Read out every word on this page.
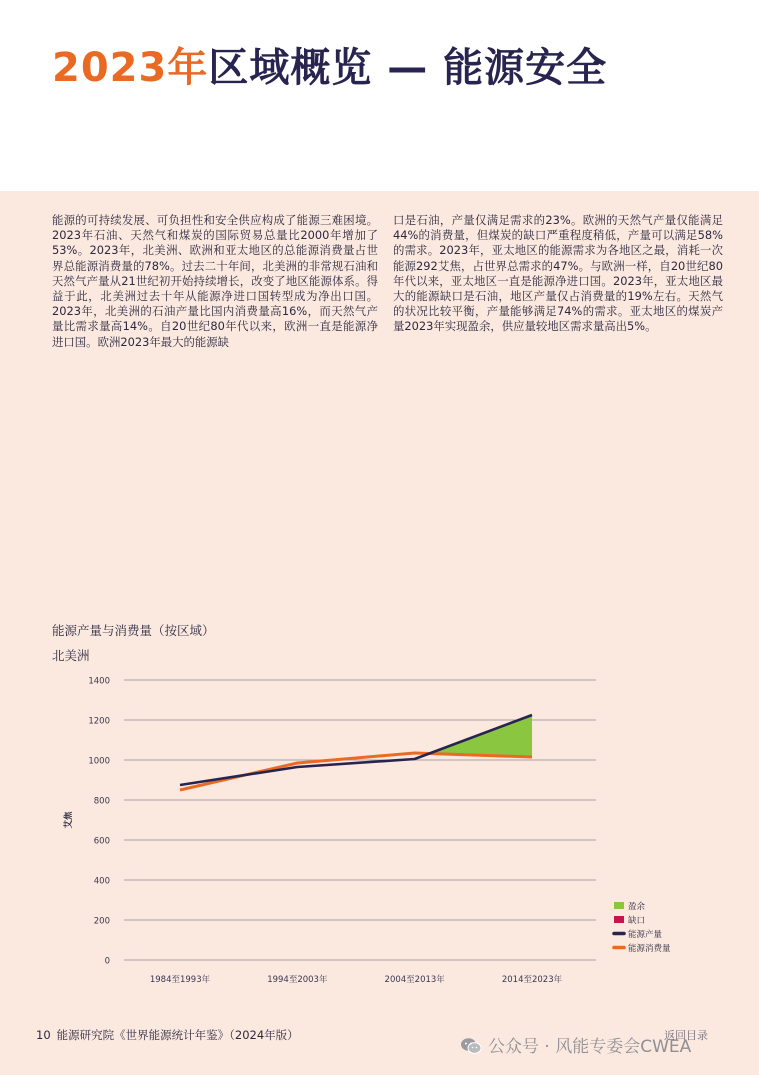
2023年区域概览 — 能源安全
能源的可持续发展、可负担性和安全供应构成了能源三难困境。2023年石油、天然气和煤炭的国际贸易总量比2000年增加了53%。2023年，北美洲、欧洲和亚太地区的总能源消费量占世界总能源消费量的78%。过去二十年间，北美洲的非常规石油和天然气产量从21世纪初开始持续增长，改变了地区能源体系。得益于此，北美洲过去十年从能源净进口国转型成为净出口国。2023年，北美洲的石油产量比国内消费量高16%，而天然气产量比需求量高14%。自20世纪80年代以来，欧洲一直是能源净进口国。欧洲2023年最大的能源缺
口是石油，产量仅满足需求的23%。欧洲的天然气产量仅能满足44%的消费量，但煤炭的缺口严重程度稍低，产量可以满足58%的需求。2023年，亚太地区的能源需求为各地区之最，消耗一次能源292艾焦，占世界总需求的47%。与欧洲一样，自20世纪80年代以来，亚太地区一直是能源净进口国。2023年，亚太地区最大的能源缺口是石油，地区产量仅占消费量的19%左右。天然气的状况比较平衡，产量能够满足74%的需求。亚太地区的煤炭产量2023年实现盈余，供应量较地区需求量高出5%。
能源产量与消费量（按区域）
北美洲
0
200
400
600
800
1000
1200
1400
艾焦
1984至1993年	1994至2003年	2004至2013年	2014至2023年
盈余
缺口
能源产量
能源消费量
10 能源研究院《世界能源统计年鉴》（2024年版）
公众号 · 风能专委会CWEA
返回目录
